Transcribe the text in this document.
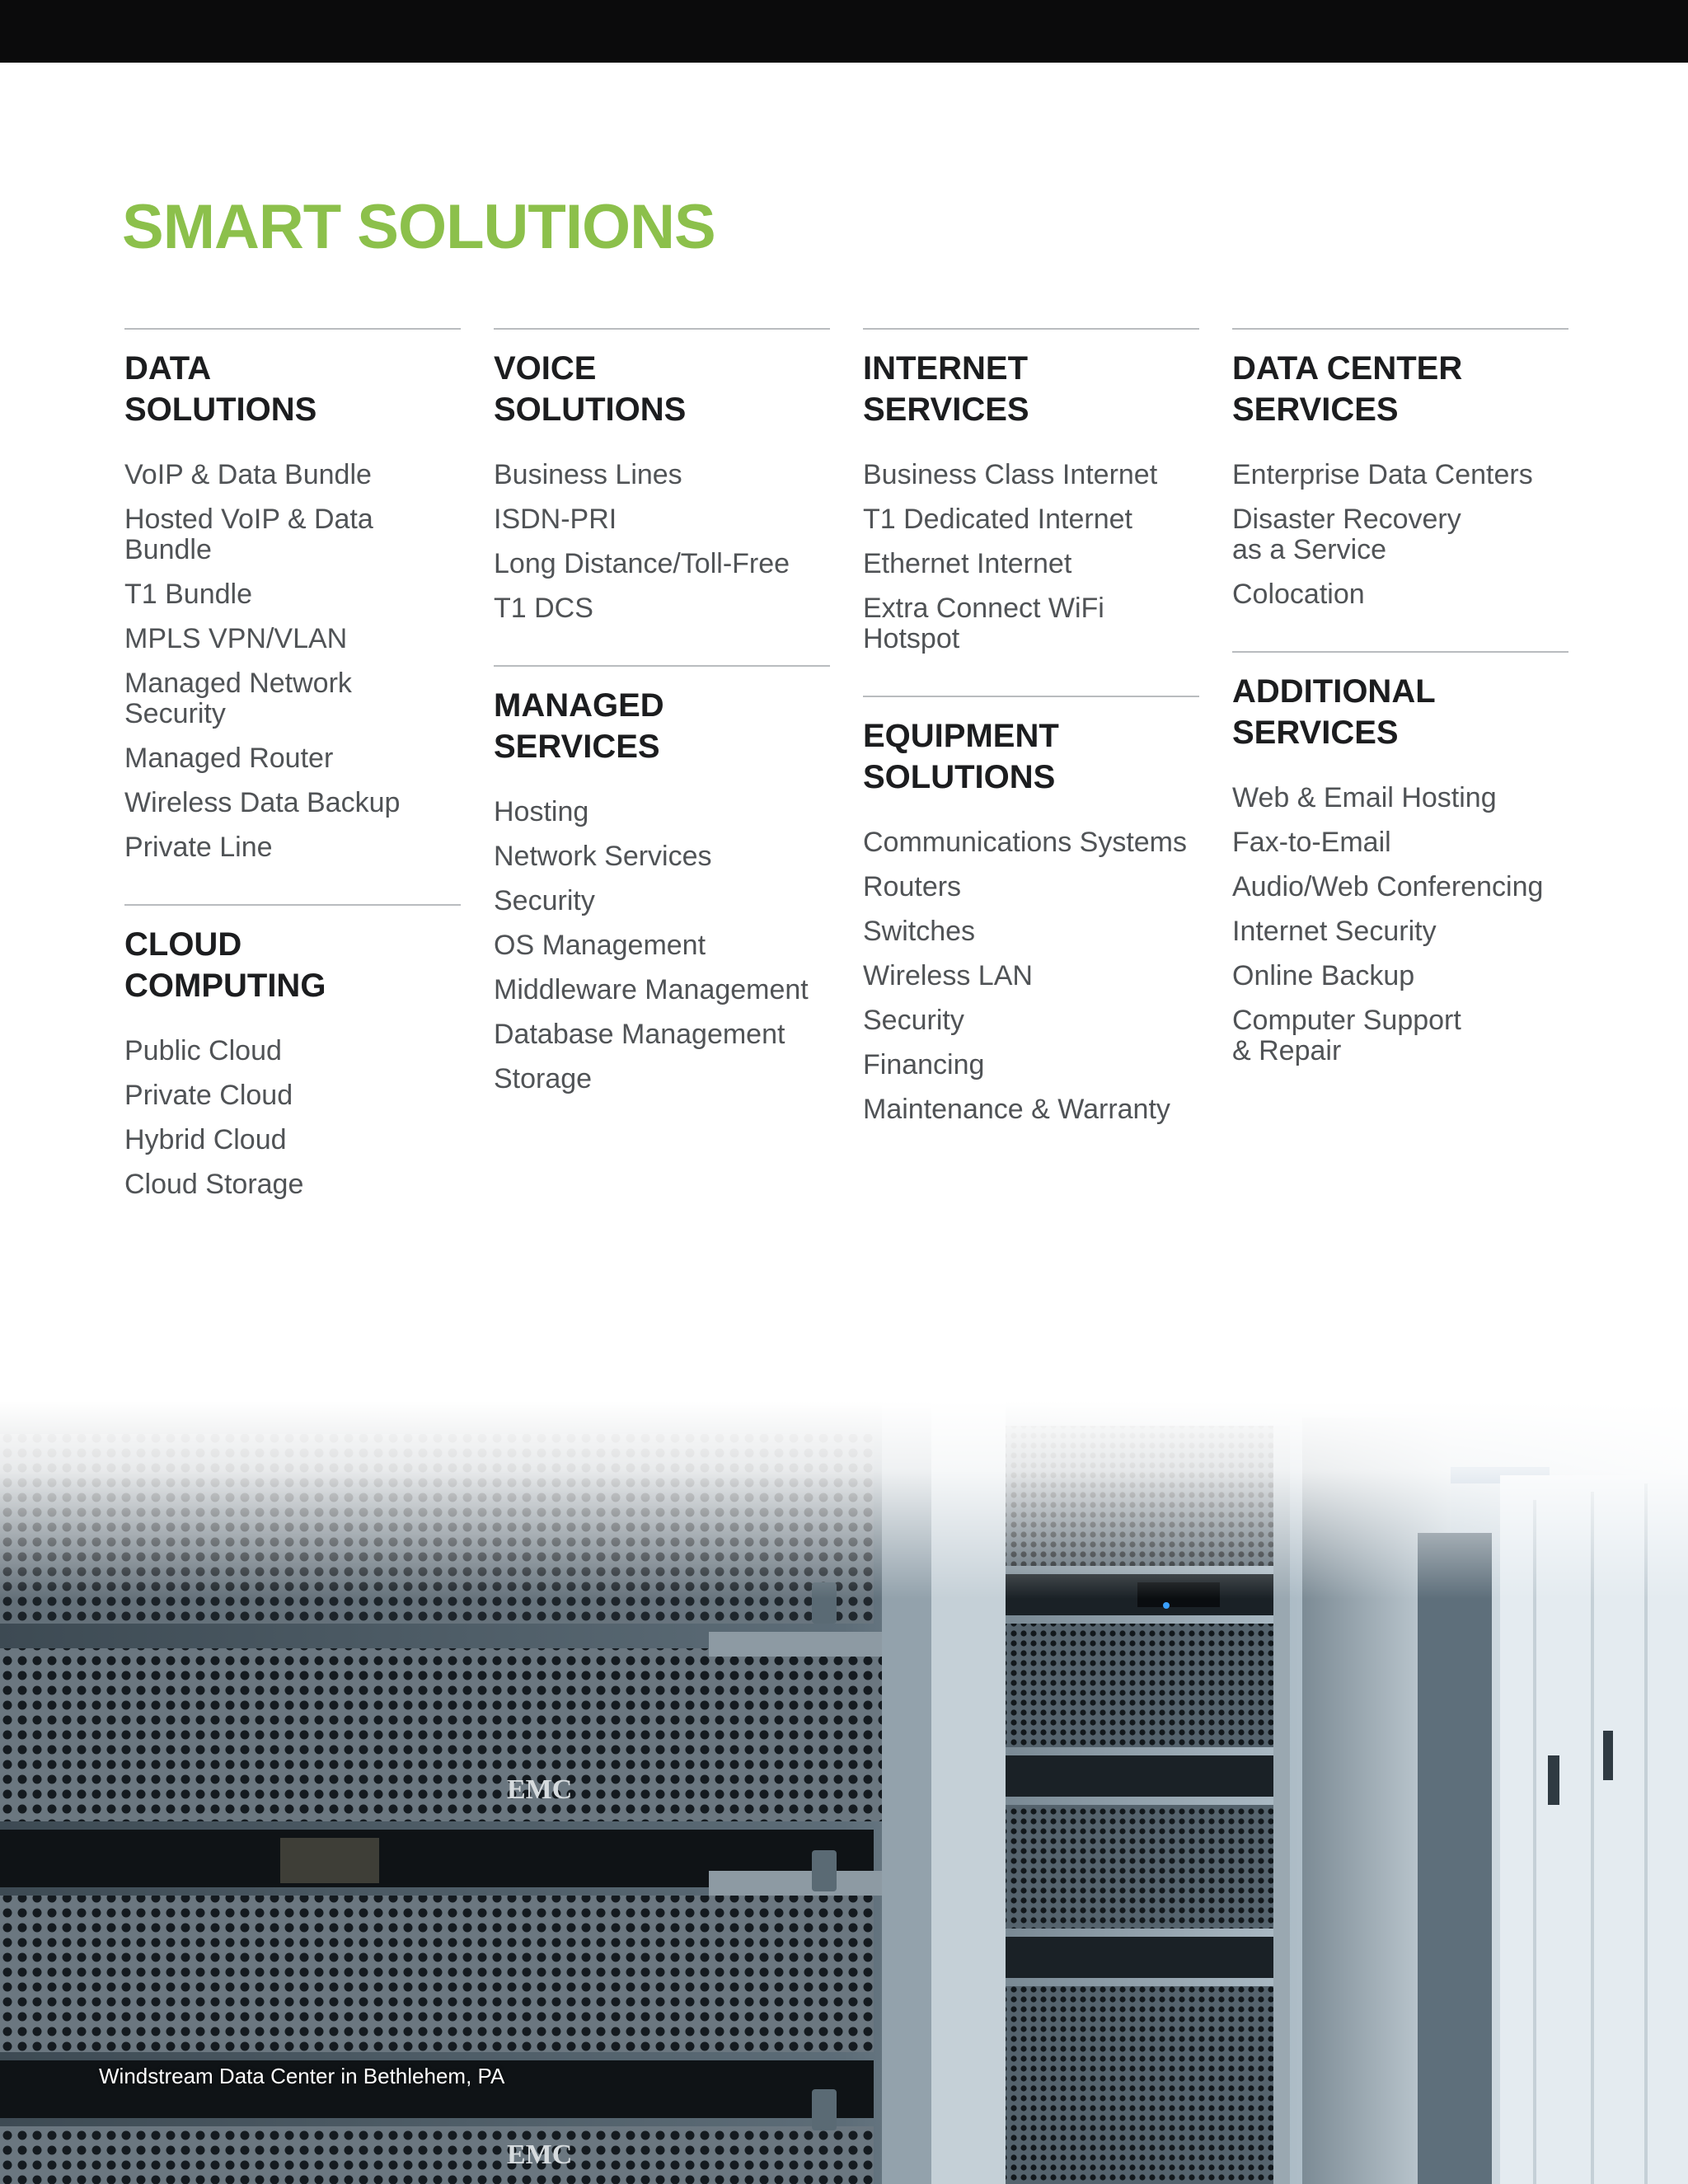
SMART SOLUTIONS
DATA
SOLUTIONS
VoIP & Data Bundle
Hosted VoIP & Data Bundle
T1 Bundle
MPLS VPN/VLAN
Managed Network Security
Managed Router
Wireless Data Backup
Private Line
CLOUD
COMPUTING
Public Cloud
Private Cloud
Hybrid Cloud
Cloud Storage
VOICE
SOLUTIONS
Business Lines
ISDN-PRI
Long Distance/Toll-Free
T1 DCS
MANAGED
SERVICES
Hosting
Network Services
Security
OS Management
Middleware Management
Database Management
Storage
INTERNET
SERVICES
Business Class Internet
T1 Dedicated Internet
Ethernet Internet
Extra Connect WiFi
Hotspot
EQUIPMENT
SOLUTIONS
Communications Systems
Routers
Switches
Wireless LAN
Security
Financing
Maintenance & Warranty
DATA CENTER
SERVICES
Enterprise Data Centers
Disaster Recovery
as a Service
Colocation
ADDITIONAL
SERVICES
Web & Email Hosting
Fax-to-Email
Audio/Web Conferencing
Internet Security
Online Backup
Computer Support
& Repair
EMC
EMC
Windstream Data Center in Bethlehem, PA
